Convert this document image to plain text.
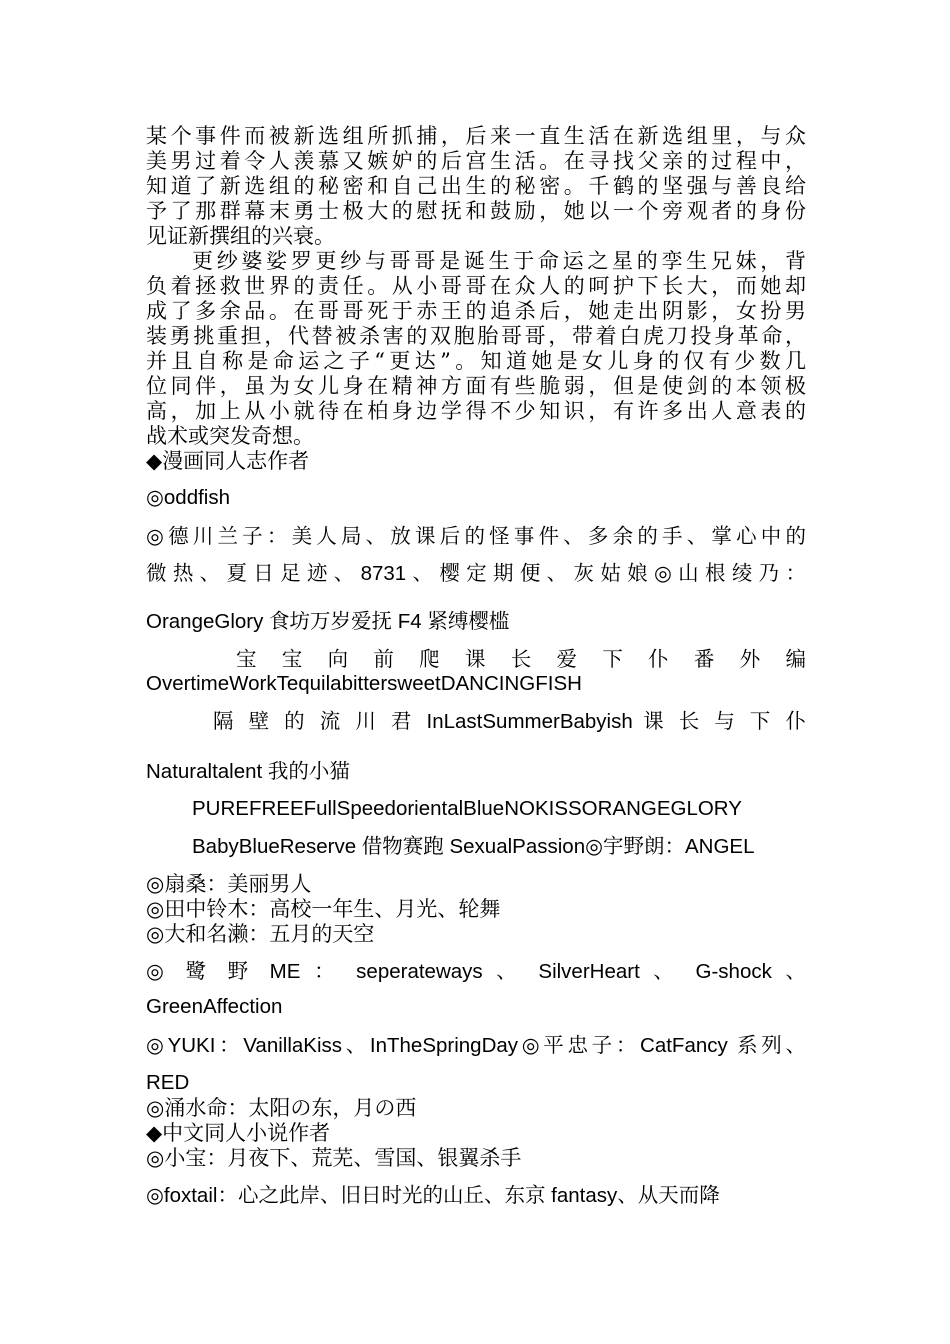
某个事件而被新选组所抓捕，后来一直生活在新选组里，与众
美男过着令人羡慕又嫉妒的后宫生活。在寻找父亲的过程中，
知道了新选组的秘密和自己出生的秘密。千鹤的坚强与善良给
予了那群幕末勇士极大的慰抚和鼓励，她以一个旁观者的身份
见证新撰组的兴衰。
更纱婆娑罗更纱与哥哥是诞生于命运之星的孪生兄妹，背
负着拯救世界的责任。从小哥哥在众人的呵护下长大，而她却
成了多余品。在哥哥死于赤王的追杀后，她走出阴影，女扮男
装勇挑重担，代替被杀害的双胞胎哥哥，带着白虎刀投身革命，
并且自称是命运之子“更达”。知道她是女儿身的仅有少数几
位同伴，虽为女儿身在精神方面有些脆弱，但是使剑的本领极
高，加上从小就待在柏身边学得不少知识，有许多出人意表的
战术或突发奇想。
◆漫画同人志作者
◎oddfish
◎德川兰子：美人局、放课后的怪事件、多余的手、掌心中的
微热、夏日足迹、8731、樱定期便、灰姑娘◎山根绫乃：
OrangeGlory 食坊万岁爱抚 F4 紧缚樱槛
宝 宝 向 前 爬 课 长 爱 下 仆 番 外 编
OvertimeWorkTequilabittersweetDANCINGFISH
隔 壁 的 流 川 君 InLastSummerBabyish 课 长 与 下 仆
Naturaltalent 我的小猫
PUREFREEFullSpeedorientalBlueNOKISSORANGEGLORY
BabyBlueReserve 借物赛跑 SexualPassion◎宇野朗：ANGEL
◎扇桑：美丽男人
◎田中铃木：高校一年生、月光、轮舞
◎大和名濑：五月的天空
◎ 鹭 野 ME ： seperateways 、 SilverHeart 、 G-shock 、
GreenAffection
◎YUKI：VanillaKiss、InTheSpringDay◎平忠子：CatFancy 系列、
RED
◎涌水命：太阳の东，月の西
◆中文同人小说作者
◎小宝：月夜下、荒芜、雪国、银翼杀手
◎foxtail：心之此岸、旧日时光的山丘、东京 fantasy、从天而降
